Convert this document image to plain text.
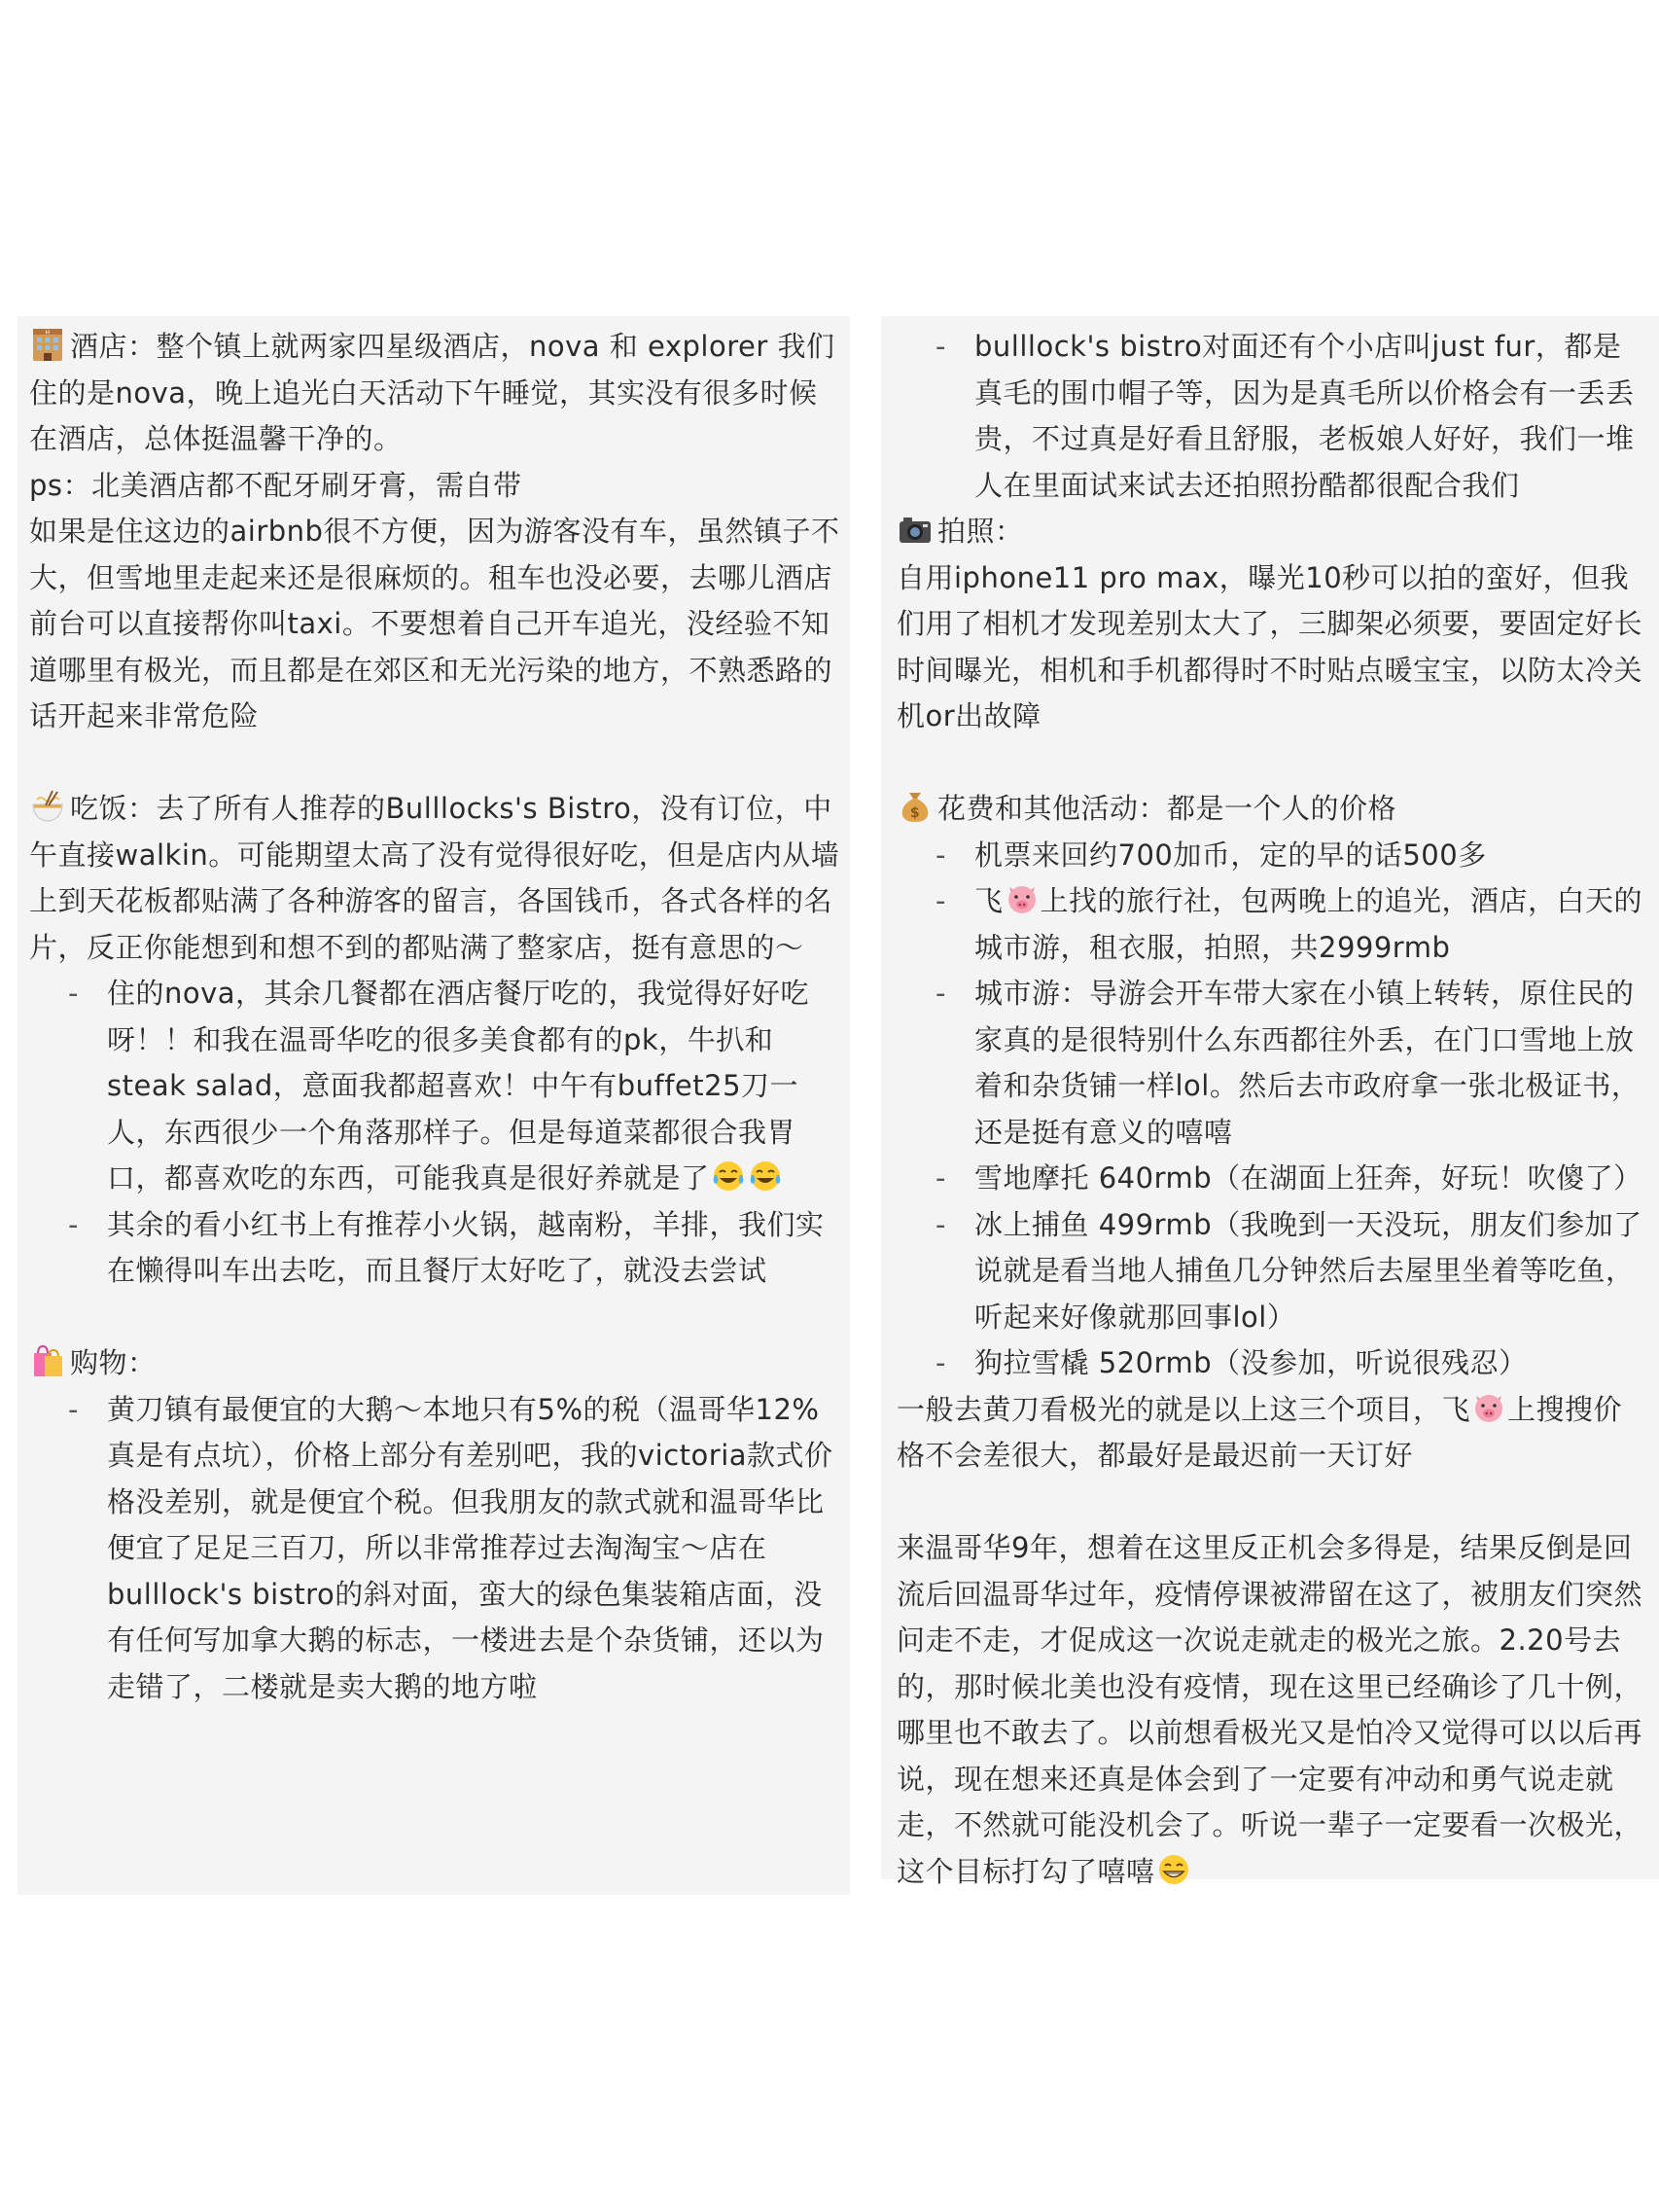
H 酒店：整个镇上就两家四星级酒店，nova 和 explorer 我们住的是nova，晚上追光白天活动下午睡觉，其实没有很多时候在酒店，总体挺温馨干净的。

ps：北美酒店都不配牙刷牙膏，需自带

如果是住这边的airbnb很不方便，因为游客没有车，虽然镇子不大，但雪地里走起来还是很麻烦的。租车也没必要，去哪儿酒店前台可以直接帮你叫taxi。不要想着自己开车追光，没经验不知道哪里有极光，而且都是在郊区和无光污染的地方，不熟悉路的话开起来非常危险

吃饭：去了所有人推荐的Bulllocks's Bistro，没有订位，中午直接walkin。可能期望太高了没有觉得很好吃，但是店内从墙上到天花板都贴满了各种游客的留言，各国钱币，各式各样的名片，反正你能想到和想不到的都贴满了整家店，挺有意思的～

- 住的nova，其余几餐都在酒店餐厅吃的，我觉得好好吃呀！！和我在温哥华吃的很多美食都有的pk，牛扒和steak salad，意面我都超喜欢！中午有buffet25刀一人，东西很少一个角落那样子。但是每道菜都很合我胃口，都喜欢吃的东西，可能我真是很好养就是了
- 其余的看小红书上有推荐小火锅，越南粉，羊排，我们实在懒得叫车出去吃，而且餐厅太好吃了，就没去尝试

购物：

- 黄刀镇有最便宜的大鹅～本地只有5%的税（温哥华12%真是有点坑），价格上部分有差别吧，我的victoria款式价格没差别，就是便宜个税。但我朋友的款式就和温哥华比便宜了足足三百刀，所以非常推荐过去淘淘宝～店在bulllock's bistro的斜对面，蛮大的绿色集装箱店面，没有任何写加拿大鹅的标志，一楼进去是个杂货铺，还以为走错了，二楼就是卖大鹅的地方啦
- bulllock's bistro对面还有个小店叫just fur，都是真毛的围巾帽子等，因为是真毛所以价格会有一丢丢贵，不过真是好看且舒服，老板娘人好好，我们一堆人在里面试来试去还拍照扮酷都很配合我们

拍照：

自用iphone11 pro max，曝光10秒可以拍的蛮好，但我们用了相机才发现差别太大了，三脚架必须要，要固定好长时间曝光，相机和手机都得时不时贴点暖宝宝，以防太冷关机or出故障

$ 花费和其他活动：都是一个人的价格

- 机票来回约700加币，定的早的话500多
- 飞 上找的旅行社，包两晚上的追光，酒店，白天的城市游，租衣服，拍照，共2999rmb
- 城市游：导游会开车带大家在小镇上转转，原住民的家真的是很特别什么东西都往外丢，在门口雪地上放着和杂货铺一样lol。然后去市政府拿一张北极证书，还是挺有意义的嘻嘻
- 雪地摩托 640rmb（在湖面上狂奔，好玩！吹傻了）
- 冰上捕鱼 499rmb（我晚到一天没玩，朋友们参加了说就是看当地人捕鱼几分钟然后去屋里坐着等吃鱼，听起来好像就那回事lol）
- 狗拉雪橇 520rmb（没参加，听说很残忍）

一般去黄刀看极光的就是以上这三个项目，飞 上搜搜价格不会差很大，都最好是最迟前一天订好

来温哥华9年，想着在这里反正机会多得是，结果反倒是回流后回温哥华过年，疫情停课被滞留在这了，被朋友们突然问走不走，才促成这一次说走就走的极光之旅。2.20号去的，那时候北美也没有疫情，现在这里已经确诊了几十例，哪里也不敢去了。以前想看极光又是怕冷又觉得可以以后再说，现在想来还真是体会到了一定要有冲动和勇气说走就走，不然就可能没机会了。听说一辈子一定要看一次极光，这个目标打勾了嘻嘻
